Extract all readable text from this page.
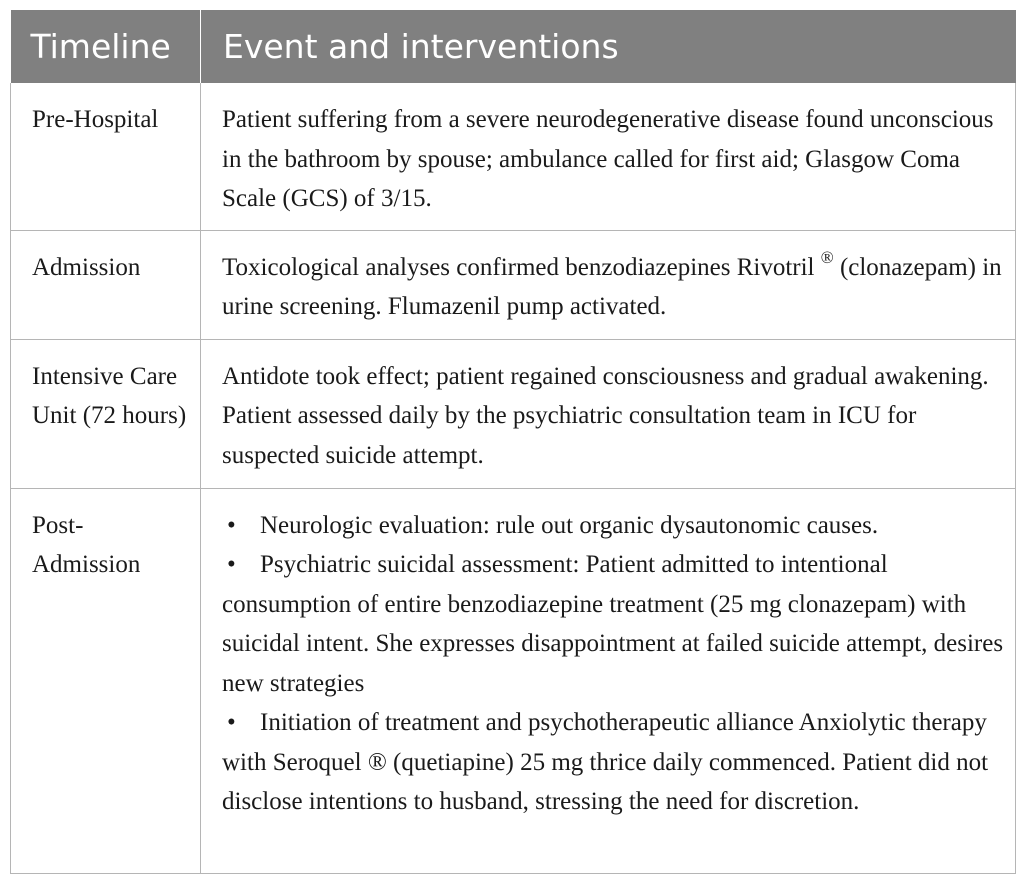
Timeline	Event and interventions
Pre-Hospital	Patient suffering from a severe neurodegenerative disease found unconscious in the bathroom by spouse; ambulance called for first aid; Glasgow Coma Scale (GCS) of 3/15.
Admission	Toxicological analyses confirmed benzodiazepines Rivotril ® (clonazepam) in urine screening. Flumazenil pump activated.
Intensive Care Unit (72 hours)	Antidote took effect; patient regained consciousness and gradual awakening. Patient assessed daily by the psychiatric consultation team in ICU for suspected suicide attempt.
Post-Admission	• Neurologic evaluation: rule out organic dysautonomic causes.
• Psychiatric suicidal assessment: Patient admitted to intentional consumption of entire benzodiazepine treatment (25 mg clonazepam) with suicidal intent. She expresses disappointment at failed suicide attempt, desires new strategies
• Initiation of treatment and psychotherapeutic alliance Anxiolytic therapy with Seroquel ® (quetiapine) 25 mg thrice daily commenced. Patient did not disclose intentions to husband, stressing the need for discretion.
